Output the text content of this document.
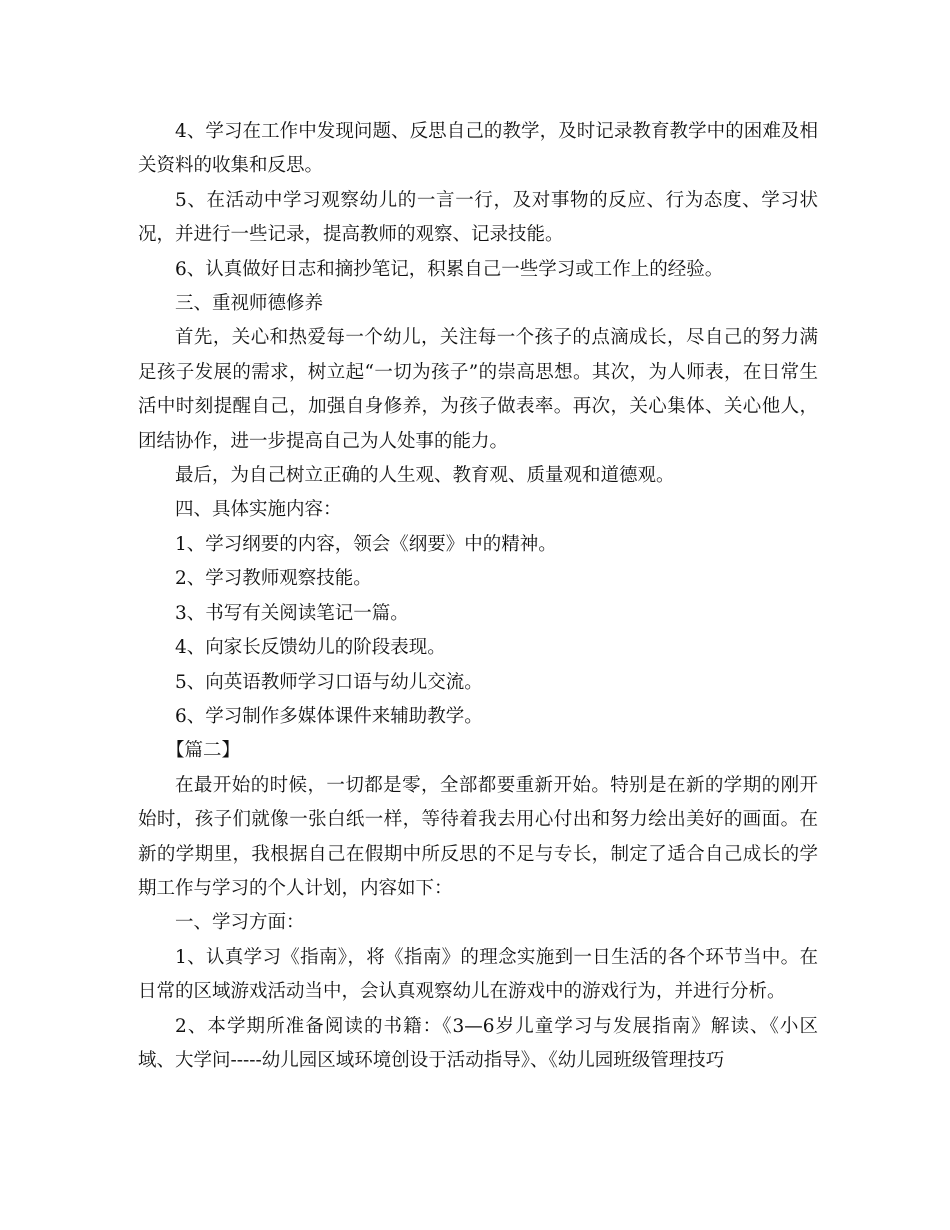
4、学习在工作中发现问题、反思自己的教学，及时记录教育教学中的困难及相关资料的收集和反思。

5、在活动中学习观察幼儿的一言一行，及对事物的反应、行为态度、学习状况，并进行一些记录，提高教师的观察、记录技能。

6、认真做好日志和摘抄笔记，积累自己一些学习或工作上的经验。

三、重视师德修养

首先，关心和热爱每一个幼儿，关注每一个孩子的点滴成长，尽自己的努力满足孩子发展的需求，树立起“一切为孩子”的崇高思想。其次，为人师表，在日常生活中时刻提醒自己，加强自身修养，为孩子做表率。再次，关心集体、关心他人，团结协作，进一步提高自己为人处事的能力。

最后，为自己树立正确的人生观、教育观、质量观和道德观。

四、具体实施内容：

1、学习纲要的内容，领会《纲要》中的精神。

2、学习教师观察技能。

3、书写有关阅读笔记一篇。

4、向家长反馈幼儿的阶段表现。

5、向英语教师学习口语与幼儿交流。

6、学习制作多媒体课件来辅助教学。

【篇二】

在最开始的时候，一切都是零，全部都要重新开始。特别是在新的学期的刚开始时，孩子们就像一张白纸一样，等待着我去用心付出和努力绘出美好的画面。在新的学期里，我根据自己在假期中所反思的不足与专长，制定了适合自己成长的学期工作与学习的个人计划，内容如下：

一、学习方面：

1、认真学习《指南》，将《指南》的理念实施到一日生活的各个环节当中。在日常的区域游戏活动当中，会认真观察幼儿在游戏中的游戏行为，并进行分析。

2、本学期所准备阅读的书籍：《3—6岁儿童学习与发展指南》解读、《小区域、大学问-----幼儿园区域环境创设于活动指导》、《幼儿园班级管理技巧
